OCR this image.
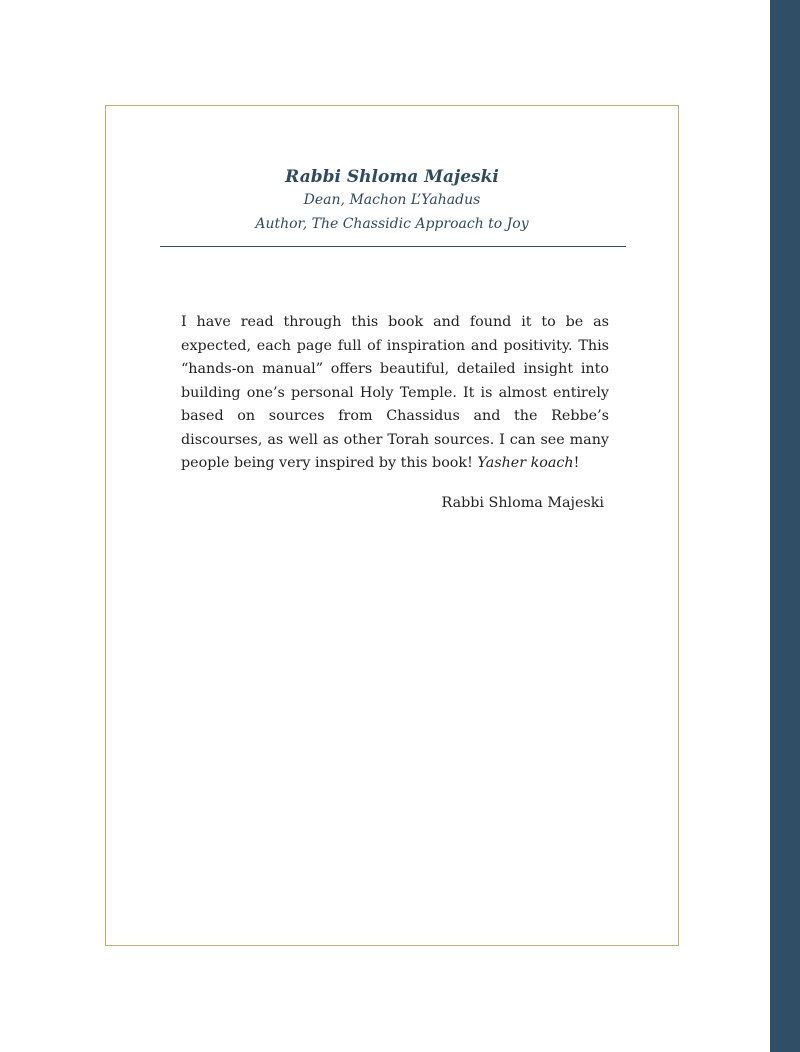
Rabbi Shloma Majeski
Dean, Machon L’Yahadus
Author, The Chassidic Approach to Joy

I have read through this book and found it to be as expected, each page full of inspiration and positivity. This “hands-on manual” offers beautiful, detailed insight into building one’s personal Holy Temple. It is almost entirely based on sources from Chassidus and the Rebbe’s discourses, as well as other Torah sources. I can see many people being very inspired by this book! Yasher koach!

Rabbi Shloma Majeski
